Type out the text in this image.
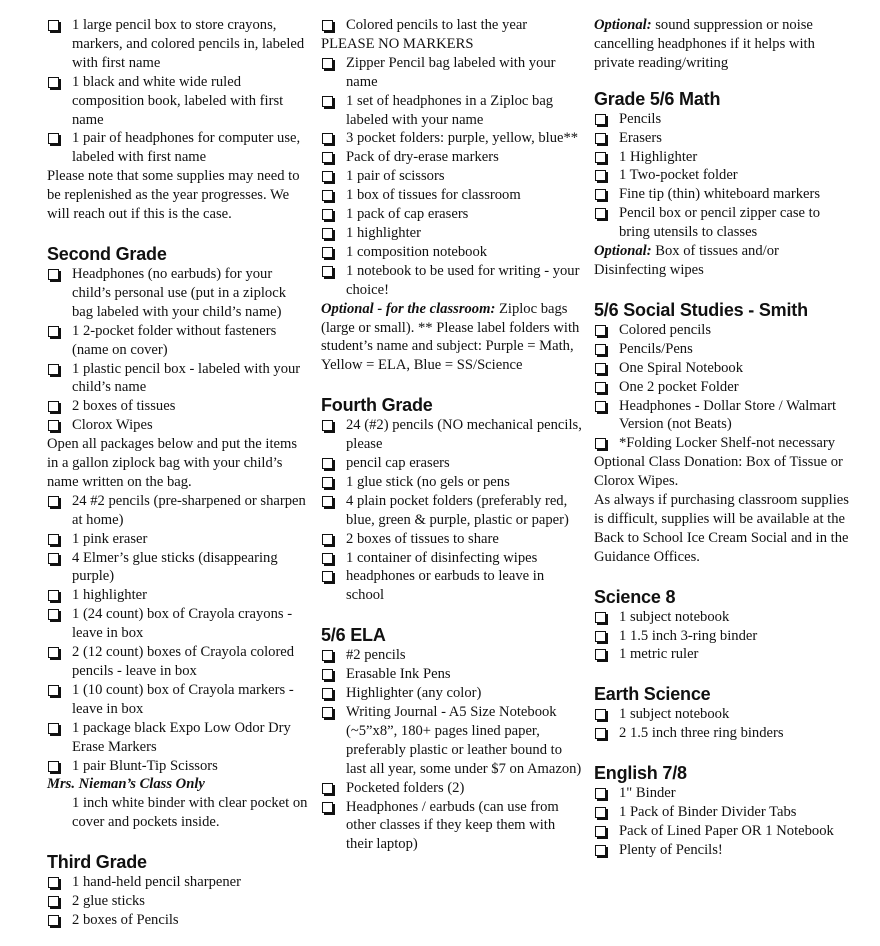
1 large pencil box to store crayons, markers, and colored pencils in, labeled with first name
1 black and white wide ruled composition book, labeled with first name
1 pair of headphones for computer use, labeled with first name

Please note that some supplies may need to be replenished as the year progresses. We will reach out if this is the case.

Second Grade
Headphones (no earbuds) for your child’s personal use (put in a ziplock bag labeled with your child’s name)
1 2-pocket folder without fasteners (name on cover)
1 plastic pencil box - labeled with your child’s name
2 boxes of tissues
Clorox Wipes

Open all packages below and put the items in a gallon ziplock bag with your child’s name written on the bag.

24 #2 pencils (pre-sharpened or sharpen at home)
1 pink eraser
4 Elmer’s glue sticks (disappearing purple)
1 highlighter
1 (24 count) box of Crayola crayons - leave in box
2 (12 count) boxes of Crayola colored pencils - leave in box
1 (10 count) box of Crayola markers - leave in box
1 package black Expo Low Odor Dry Erase Markers
1 pair Blunt-Tip Scissors
Mrs. Nieman’s Class Only
1 inch white binder with clear pocket on cover and pockets inside.
Third Grade
1 hand-held pencil sharpener
2 glue sticks
2 boxes of Pencils
Colored pencils to last the year
PLEASE NO MARKERS
Zipper Pencil bag labeled with your name
1 set of headphones in a Ziploc bag labeled with your name
3 pocket folders: purple, yellow, blue**
Pack of dry-erase markers
1 pair of scissors
1 box of tissues for classroom
1 pack of cap erasers
1 highlighter
1 composition notebook
1 notebook to be used for writing - your choice!

Optional - for the classroom: Ziploc bags (large or small). ** Please label folders with student’s name and subject: Purple = Math, Yellow = ELA, Blue = SS/Science

Fourth Grade
24 (#2) pencils (NO mechanical pencils, please
pencil cap erasers
1 glue stick (no gels or pens
4 plain pocket folders (preferably red, blue, green & purple, plastic or paper)
2 boxes of tissues to share
1 container of disinfecting wipes
headphones or earbuds to leave in school
5/6 ELA
#2 pencils
Erasable Ink Pens
Highlighter (any color)
Writing Journal - A5 Size Notebook (~5”x8”, 180+ pages lined paper, preferably plastic or leather bound to last all year, some under $7 on Amazon)
Pocketed folders (2)
Headphones / earbuds (can use from other classes if they keep them with their laptop)

Optional: sound suppression or noise cancelling headphones if it helps with private reading/writing

Grade 5/6 Math
Pencils
Erasers
1 Highlighter
1 Two-pocket folder
Fine tip (thin) whiteboard markers
Pencil box or pencil zipper case to bring utensils to classes

Optional: Box of tissues and/or Disinfecting wipes

5/6 Social Studies - Smith
Colored pencils
Pencils/Pens
One Spiral Notebook
One 2 pocket Folder
Headphones - Dollar Store / Walmart Version (not Beats)
*Folding Locker Shelf-not necessary

Optional Class Donation: Box of Tissue or Clorox Wipes.

As always if purchasing classroom supplies is difficult, supplies will be available at the Back to School Ice Cream Social and in the Guidance Offices.

Science 8
1 subject notebook
1 1.5 inch 3-ring binder
1 metric ruler
Earth Science
1 subject notebook
2 1.5 inch three ring binders
English 7/8
1" Binder
1 Pack of Binder Divider Tabs
Pack of Lined Paper OR 1 Notebook
Plenty of Pencils!
